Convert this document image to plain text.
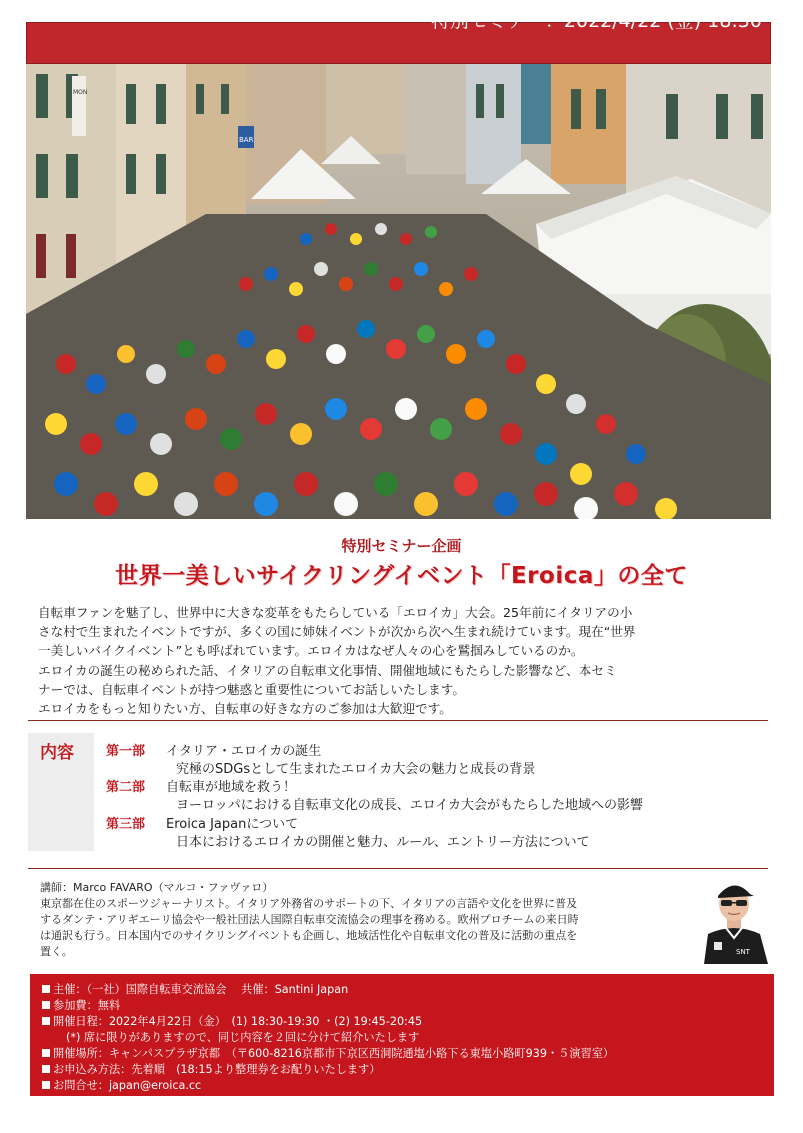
特別セミナー：2022/4/22 (金) 18:30〜
BAR
MON
特別セミナー企画
世界一美しいサイクリングイベント「Eroica」の全て

自転車ファンを魅了し、世界中に大きな変革をもたらしている「エロイカ」大会。25年前にイタリアの小

さな村で生まれたイベントですが、多くの国に姉妹イベントが次から次へ生まれ続けています。現在“世界

一美しいバイクイベント”とも呼ばれています。エロイカはなぜ人々の心を鷲掴みしているのか。

エロイカの誕生の秘められた話、イタリアの自転車文化事情、開催地域にもたらした影響など、本セミ

ナーでは、自転車イベントが持つ魅惑と重要性についてお話しいたします。

エロイカをもっと知りたい方、自転車の好きな方のご参加は大歓迎です。

内容 第一部 イタリア・エロイカの誕生
究極のSDGsとして生まれたエロイカ大会の魅力と成長の背景
第二部 自転車が地域を救う！
ヨーロッパにおける自転車文化の成長、エロイカ大会がもたらした地域への影響
第三部 Eroica Japanについて
日本におけるエロイカの開催と魅力、ルール、エントリー方法について

講師：Marco FAVARO（マルコ・ファヴァロ）

東京都在住のスポーツジャーナリスト。イタリア外務省のサポートの下、イタリアの言語や文化を世界に普及

するダンテ・アリギエーリ協会や一般社団法人国際自転車交流協会の理事を務める。欧州プロチームの来日時

は通訳も行う。日本国内でのサイクリングイベントも企画し、地域活性化や自転車文化の普及に活動の重点を

置く。	SNT
主催：（一社）国際自転車交流協会　 共催：Santini Japan
参加費：無料
開催日程：2022年4月22日（金）　(1) 18:30-19:30 ・(2) 19:45-20:45
(*) 席に限りがありますので、同じ内容を２回に分けて紹介いたします
開催場所：キャンパスプラザ京都　（〒600-8216京都市下京区西洞院通塩小路下る東塩小路町939・５演習室）
お申込み方法：先着順　(18:15より整理券をお配りいたします）
お問合せ：japan@eroica.cc
